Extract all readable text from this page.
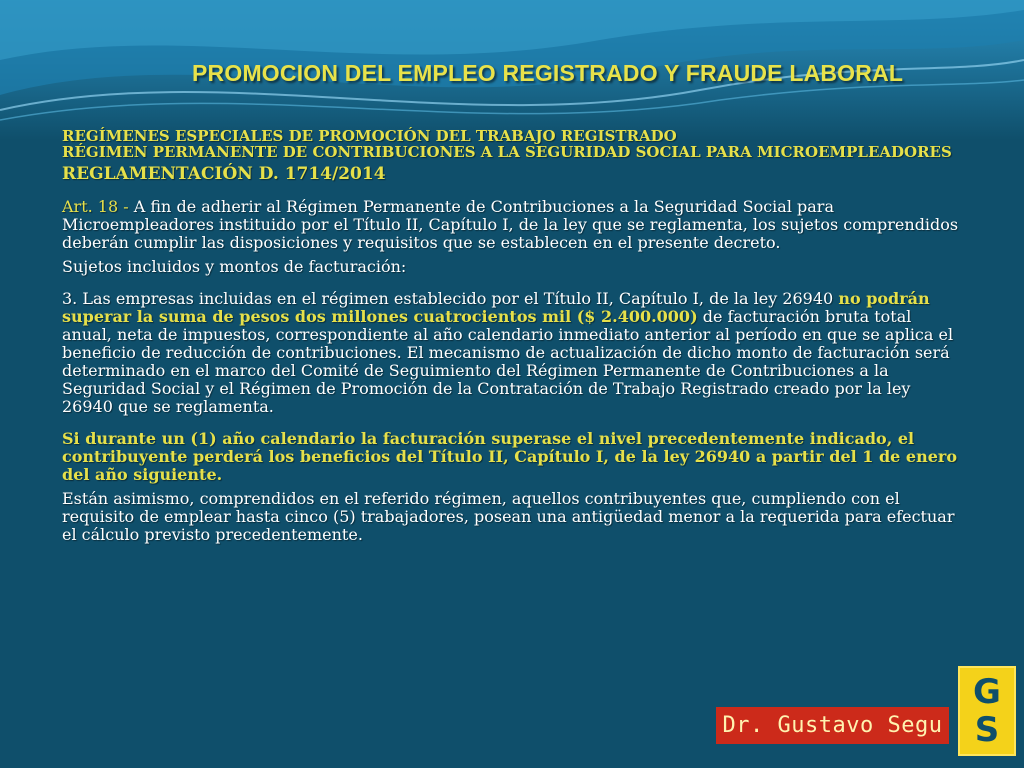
PROMOCION DEL EMPLEO REGISTRADO Y FRAUDE LABORAL
REGÍMENES ESPECIALES DE PROMOCIÓN DEL TRABAJO REGISTRADO
RÉGIMEN PERMANENTE DE CONTRIBUCIONES A LA SEGURIDAD SOCIAL PARA MICROEMPLEADORES
REGLAMENTACIÓN D. 1714/2014

Art. 18 - A fin de adherir al Régimen Permanente de Contribuciones a la Seguridad Social para Microempleadores instituido por el Título II, Capítulo I, de la ley que se reglamenta, los sujetos comprendidos deberán cumplir las disposiciones y requisitos que se establecen en el presente decreto.

Sujetos incluidos y montos de facturación:

3. Las empresas incluidas en el régimen establecido por el Título II, Capítulo I, de la ley 26940 no podrán superar la suma de pesos dos millones cuatrocientos mil ($ 2.400.000) de facturación bruta total anual, neta de impuestos, correspondiente al año calendario inmediato anterior al período en que se aplica el beneficio de reducción de contribuciones. El mecanismo de actualización de dicho monto de facturación será determinado en el marco del Comité de Seguimiento del Régimen Permanente de Contribuciones a la Seguridad Social y el Régimen de Promoción de la Contratación de Trabajo Registrado creado por la ley 26940 que se reglamenta.

Si durante un (1) año calendario la facturación superase el nivel precedentemente indicado, el contribuyente perderá los beneficios del Título II, Capítulo I, de la ley 26940 a partir del 1 de enero del año siguiente.

Están asimismo, comprendidos en el referido régimen, aquellos contribuyentes que, cumpliendo con el requisito de emplear hasta cinco (5) trabajadores, posean una antigüedad menor a la requerida para efectuar el cálculo previsto precedentemente.

Dr. Gustavo Segu
G
S
